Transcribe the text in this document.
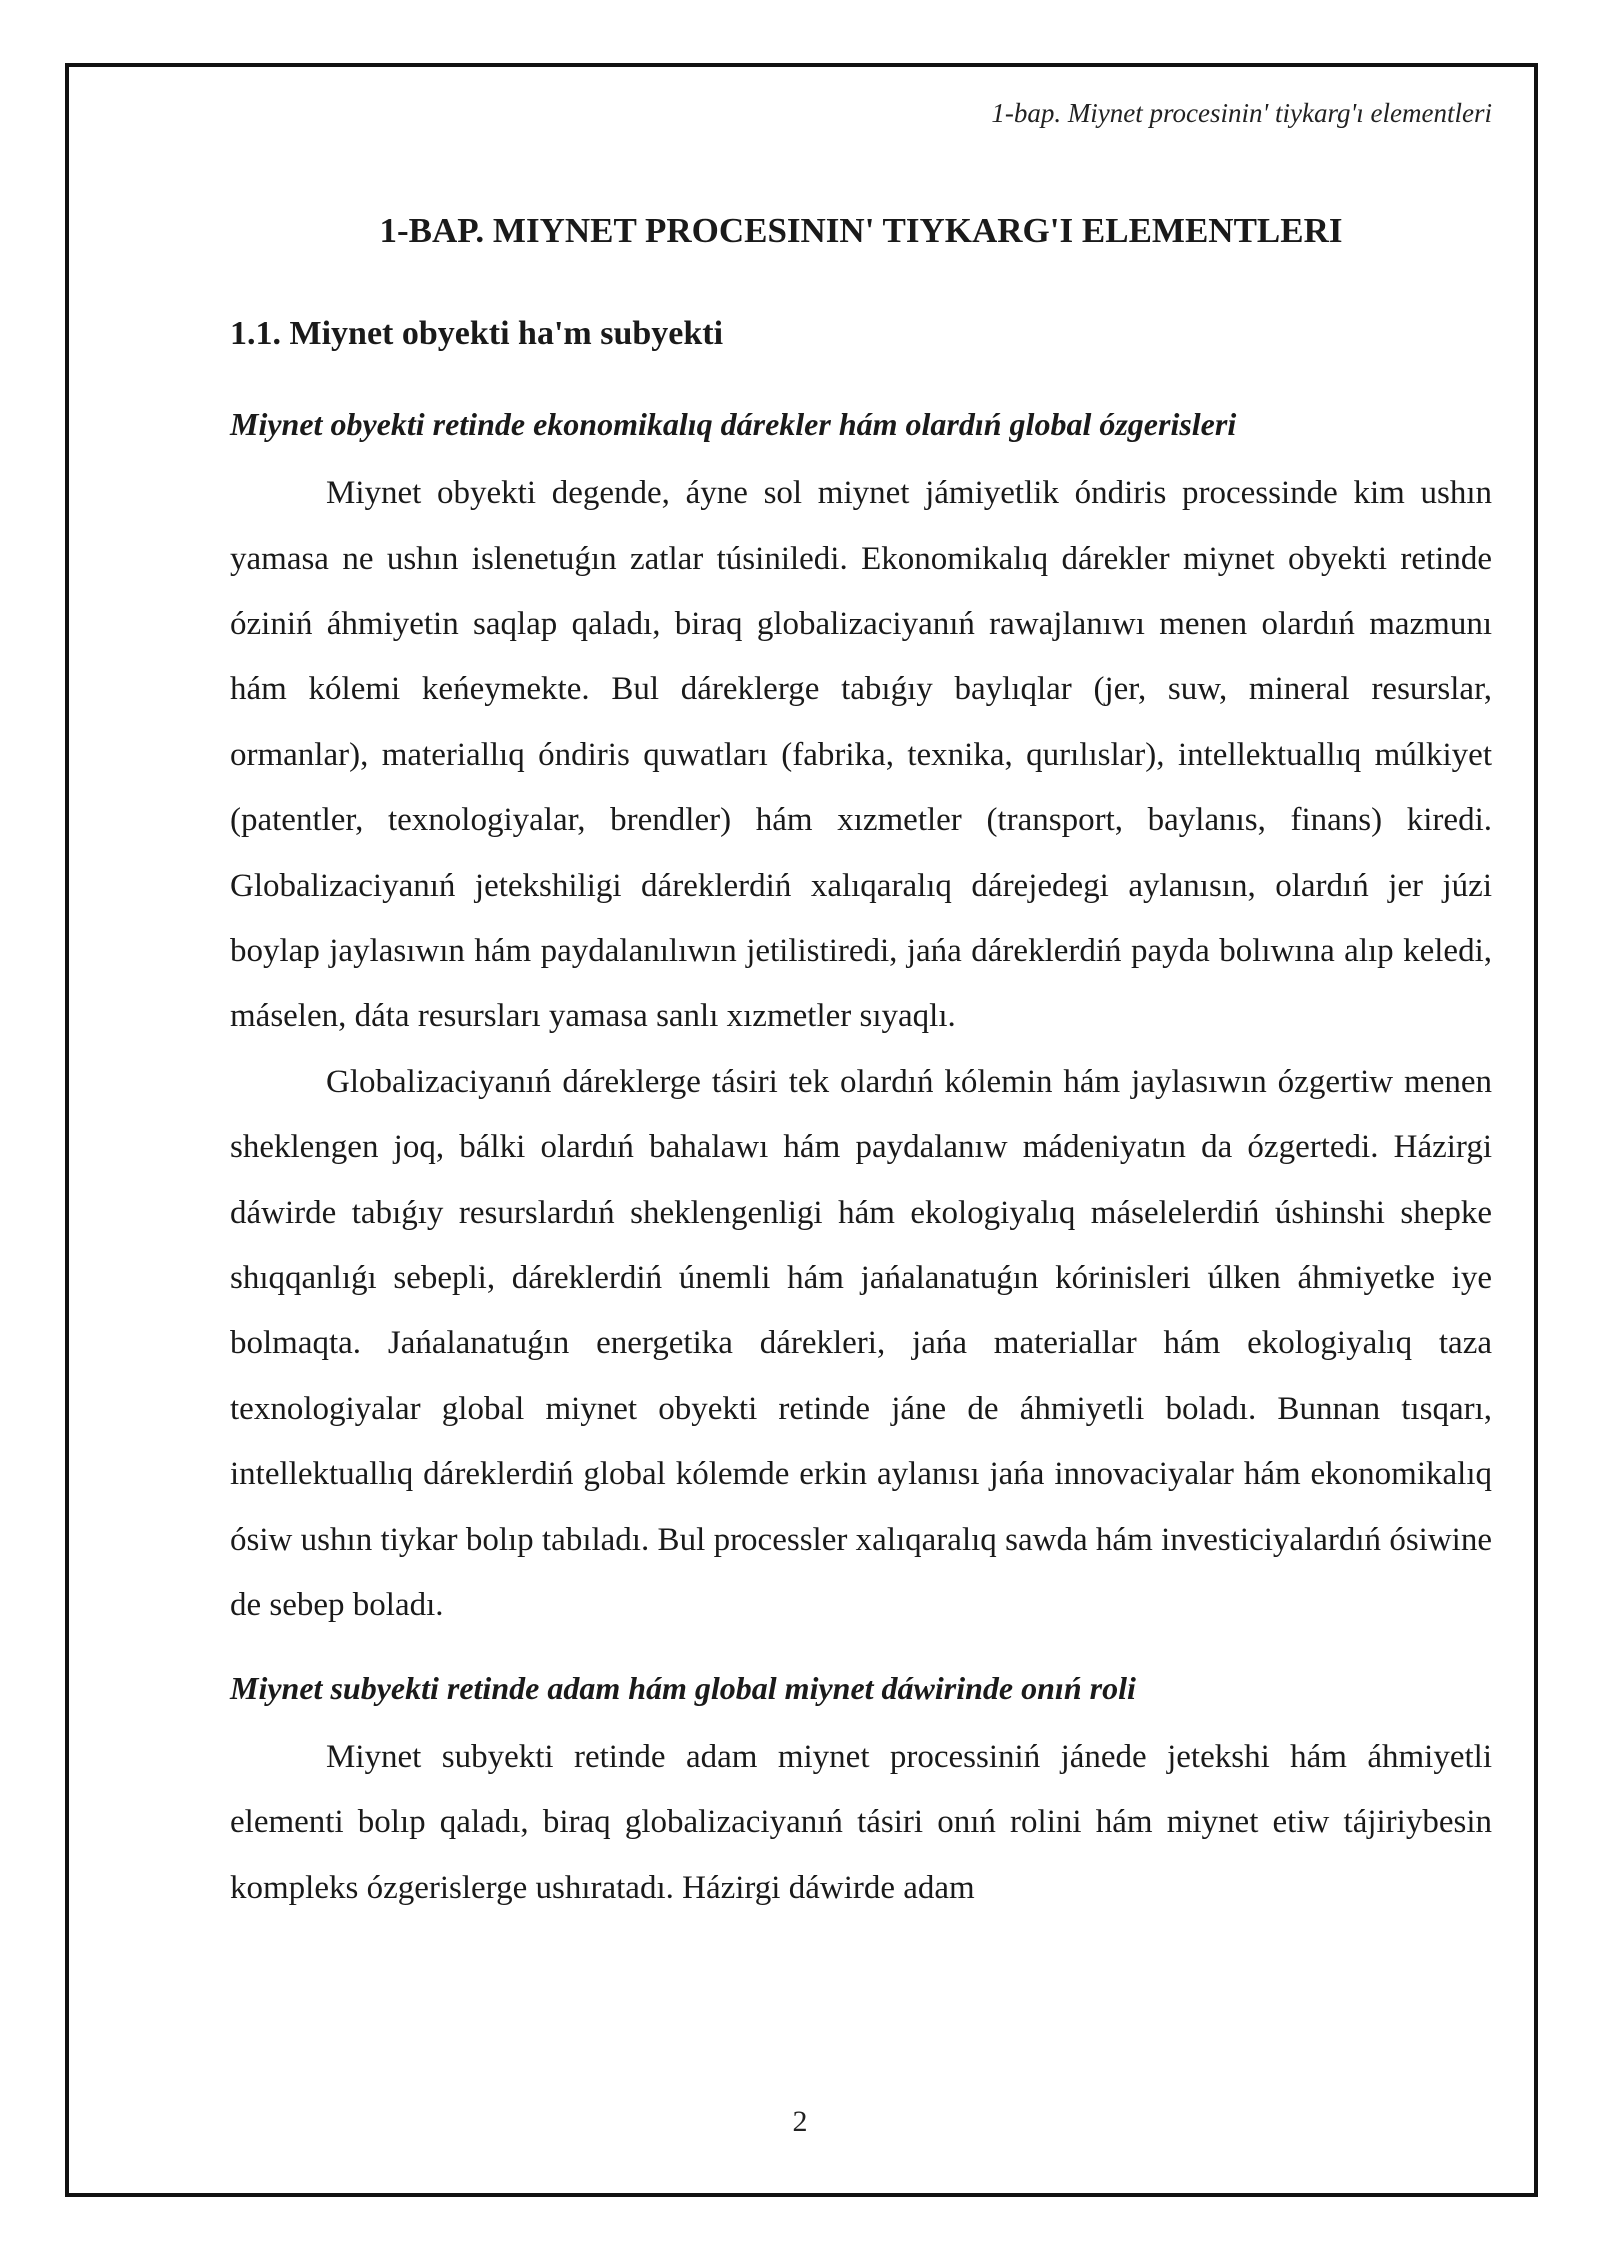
1-bap. Miynet procesinin' tiykarg'ı elementleri
1-BAP. MIYNET PROCESININ' TIYKARG'I ELEMENTLERI
1.1. Miynet obyekti ha'm subyekti
Miynet obyekti retinde ekonomikalıq dárekler hám olardıń global ózgerisleri

Miynet obyekti degende, áyne sol miynet jámiyetlik óndiris processinde kim ushın yamasa ne ushın islenetuǵın zatlar túsiniledi. Ekonomikalıq dárekler miynet obyekti retinde óziniń áhmiyetin saqlap qaladı, biraq globalizaciyanıń rawajlanıwı menen olardıń mazmunı hám kólemi keńeymekte. Bul dáreklerge tabıǵıy baylıqlar (jer, suw, mineral resurslar, ormanlar), materiallıq óndiris quwatları (fabrika, texnika, qurılıslar), intellektuallıq múlkiyet (patentler, texnologiyalar, brendler) hám xızmetler (transport, baylanıs, finans) kiredi. Globalizaciyanıń jetekshiligi dáreklerdiń xalıqaralıq dárejedegi aylanısın, olardıń jer júzi boylap jaylasıwın hám paydalanılıwın jetilistiredi, jańa dáreklerdiń payda bolıwına alıp keledi, máselen, dáta resursları yamasa sanlı xızmetler sıyaqlı.

Globalizaciyanıń dáreklerge tásiri tek olardıń kólemin hám jaylasıwın ózgertiw menen sheklengen joq, bálki olardıń bahalawı hám paydalanıw mádeniyatın da ózgertedi. Házirgi dáwirde tabıǵıy resurslardıń sheklengenligi hám ekologiyalıq máselelerdiń úshinshi shepke shıqqanlıǵı sebepli, dáreklerdiń únemli hám jańalanatuǵın kórinisleri úlken áhmiyetke iye bolmaqta. Jańalanatuǵın energetika dárekleri, jańa materiallar hám ekologiyalıq taza texnologiyalar global miynet obyekti retinde jáne de áhmiyetli boladı. Bunnan tısqarı, intellektuallıq dáreklerdiń global kólemde erkin aylanısı jańa innovaciyalar hám ekonomikalıq ósiw ushın tiykar bolıp tabıladı. Bul processler xalıqaralıq sawda hám investiciyalardıń ósiwine de sebep boladı.

Miynet subyekti retinde adam hám global miynet dáwirinde onıń roli

Miynet subyekti retinde adam miynet processiniń jánede jetekshi hám áhmiyetli elementi bolıp qaladı, biraq globalizaciyanıń tásiri onıń rolini hám miynet etiw tájiriybesin kompleks ózgerislerge ushıratadı. Házirgi dáwirde adam

2
